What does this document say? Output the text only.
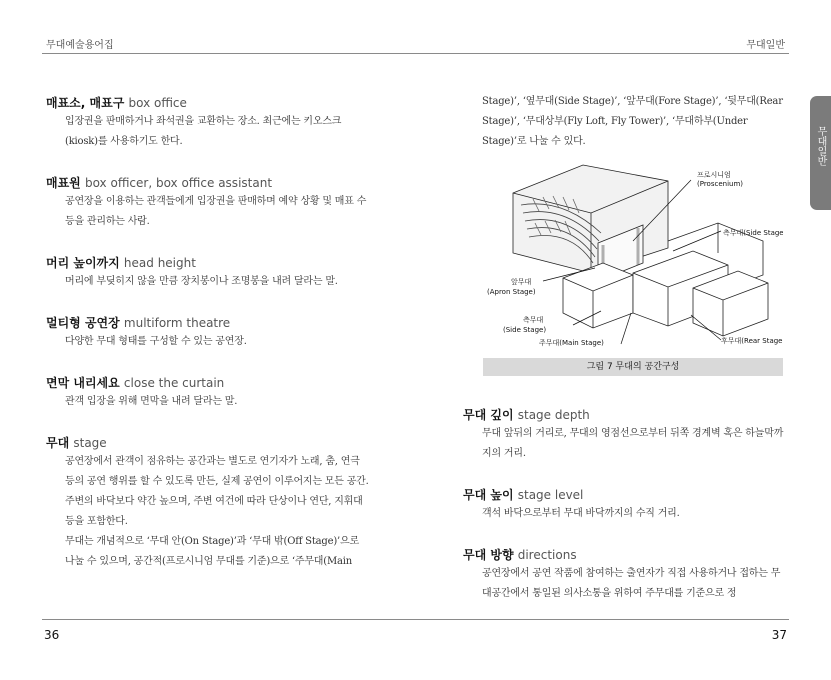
무대예술용어집	무대일반
무대일반
매표소, 매표구 box office

입장권을 판매하거나 좌석권을 교환하는 장소. 최근에는 키오스크(kiosk)를 사용하기도 한다.

매표원 box officer, box office assistant

공연장을 이용하는 관객들에게 입장권을 판매하며 예약 상황 및 매표 수 등을 관리하는 사람.

머리 높이까지 head height

머리에 부딪히지 않을 만큼 장치봉이나 조명봉을 내려 달라는 말.

멀티형 공연장 multiform theatre

다양한 무대 형태를 구성할 수 있는 공연장.

면막 내리세요 close the curtain

관객 입장을 위해 면막을 내려 달라는 말.

무대 stage

공연장에서 관객이 점유하는 공간과는 별도로 연기자가 노래, 춤, 연극 등의 공연 행위를 할 수 있도록 만든, 실제 공연이 이루어지는 모든 공간.

주변의 바닥보다 약간 높으며, 주변 여건에 따라 단상이나 연단, 지휘대 등을 포함한다.

무대는 개념적으로 ‘무대 안(On Stage)’과 ‘무대 밖(Off Stage)’으로 나눌 수 있으며, 공간적(프로시니엄 무대를 기준)으로 ‘주무대(Main

Stage)’, ‘옆무대(Side Stage)’, ‘앞무대(Fore Stage)’, ‘뒷무대(Rear Stage)’, ‘무대상부(Fly Loft, Fly Tower)’, ‘무대하부(Under Stage)’로 나눌 수 있다.

프로시니엄
(Proscenium)
측무대(Side Stage)
앞무대
(Apron Stage)
측무대
(Side Stage)
주무대(Main Stage)	후무대(Rear Stage)
그림 7 무대의 공간구성
무대 깊이 stage depth

무대 앞뒤의 거리로, 무대의 영점선으로부터 뒤쪽 경계벽 혹은 하늘막까지의 거리.

무대 높이 stage level

객석 바닥으로부터 무대 바닥까지의 수직 거리.

무대 방향 directions

공연장에서 공연 작품에 참여하는 출연자가 직접 사용하거나 접하는 무대공간에서 통일된 의사소통을 위하여 주무대를 기준으로 정

36	37
